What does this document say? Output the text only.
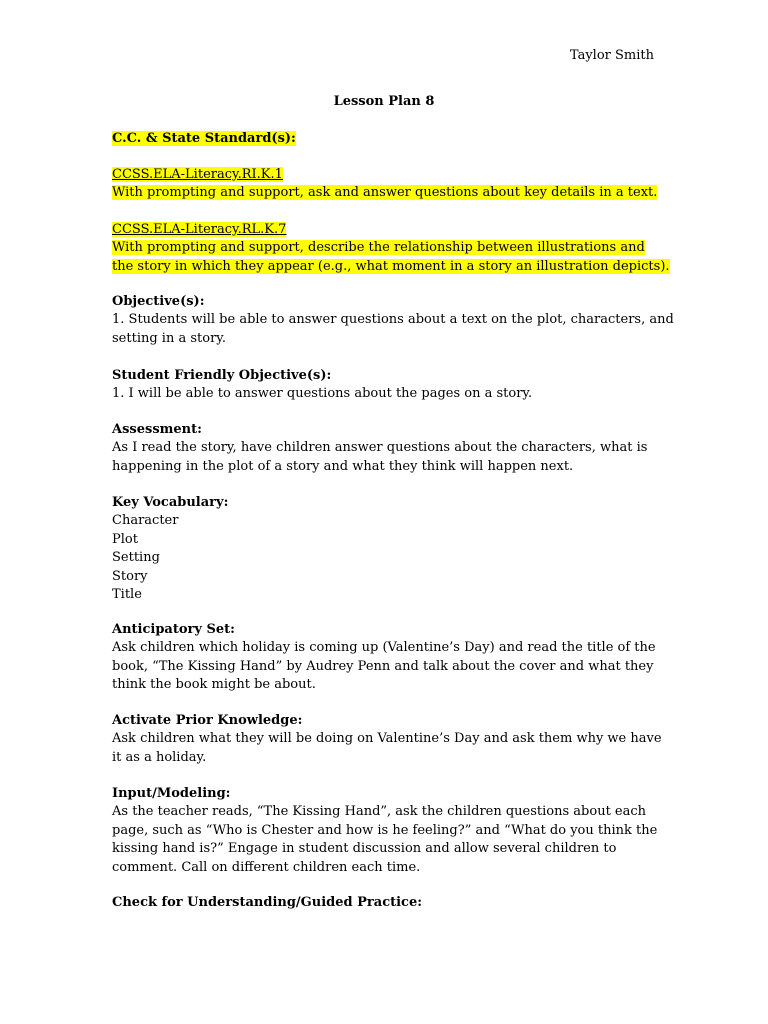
Taylor Smith
Lesson Plan 8
C.C. & State Standard(s):
CCSS.ELA-Literacy.RI.K.1
With prompting and support, ask and answer questions about key details in a text.
CCSS.ELA-Literacy.RL.K.7
With prompting and support, describe the relationship between illustrations and
the story in which they appear (e.g., what moment in a story an illustration depicts).
Objective(s):
1. Students will be able to answer questions about a text on the plot, characters, and
setting in a story.
Student Friendly Objective(s):
1. I will be able to answer questions about the pages on a story.
Assessment:
As I read the story, have children answer questions about the characters, what is
happening in the plot of a story and what they think will happen next.
Key Vocabulary:
Character
Plot
Setting
Story
Title
Anticipatory Set:
Ask children which holiday is coming up (Valentine’s Day) and read the title of the
book, “The Kissing Hand” by Audrey Penn and talk about the cover and what they
think the book might be about.
Activate Prior Knowledge:
Ask children what they will be doing on Valentine’s Day and ask them why we have
it as a holiday.
Input/Modeling:
As the teacher reads, “The Kissing Hand”, ask the children questions about each
page, such as “Who is Chester and how is he feeling?” and “What do you think the
kissing hand is?” Engage in student discussion and allow several children to
comment. Call on different children each time.
Check for Understanding/Guided Practice:
